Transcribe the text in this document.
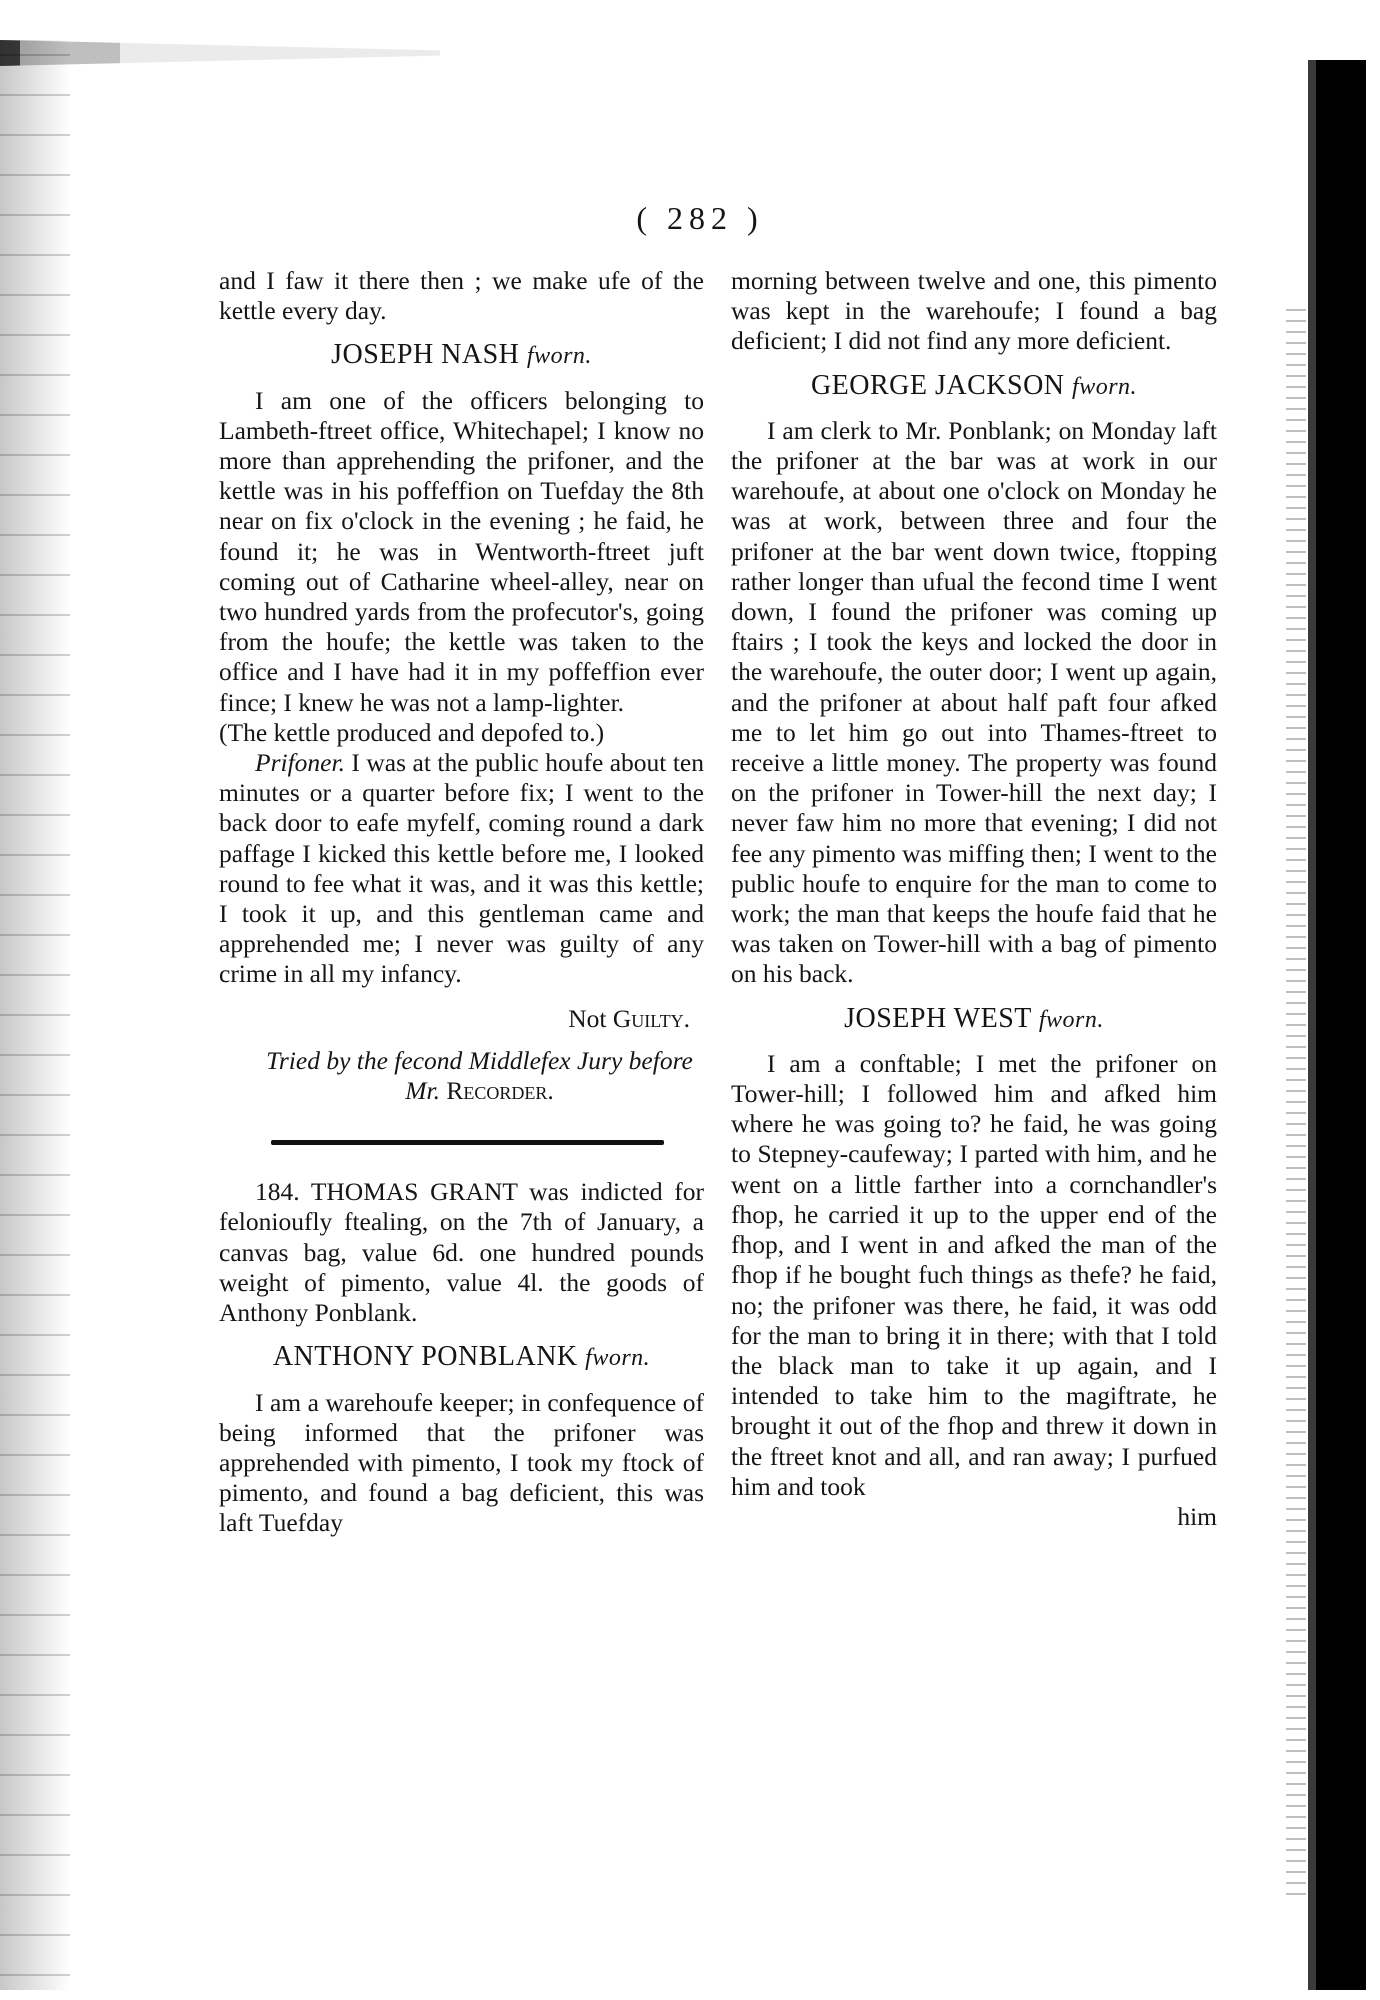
( 282 )

and I faw it there then ; we make ufe of the kettle every day.

JOSEPH NASH fworn.

I am one of the officers belonging to Lambeth-ftreet office, Whitechapel; I know no more than apprehending the prifoner, and the kettle was in his poffeffion on Tuefday the 8th near on fix o'clock in the evening ; he faid, he found it; he was in Wentworth-ftreet juft coming out of Catharine wheel-alley, near on two hundred yards from the profecutor's, going from the houfe; the kettle was taken to the office and I have had it in my poffeffion ever fince; I knew he was not a lamp-lighter.

(The kettle produced and depofed to.)

Prifoner. I was at the public houfe about ten minutes or a quarter before fix; I went to the back door to eafe myfelf, coming round a dark paffage I kicked this kettle before me, I looked round to fee what it was, and it was this kettle; I took it up, and this gentleman came and apprehended me; I never was guilty of any crime in all my infancy.

Not Guilty.

Tried by the fecond Middlefex Jury before

Mr. Recorder.

184. THOMAS GRANT was indicted for felonioufly ftealing, on the 7th of January, a canvas bag, value 6d. one hundred pounds weight of pimento, value 4l. the goods of Anthony Ponblank.

ANTHONY PONBLANK fworn.

I am a warehoufe keeper; in confequence of being informed that the prifoner was apprehended with pimento, I took my ftock of pimento, and found a bag deficient, this was laft Tuefday

morning between twelve and one, this pimento was kept in the warehoufe; I found a bag deficient; I did not find any more deficient.

GEORGE JACKSON fworn.

I am clerk to Mr. Ponblank; on Monday laft the prifoner at the bar was at work in our warehoufe, at about one o'clock on Monday he was at work, between three and four the prifoner at the bar went down twice, ftopping rather longer than ufual the fecond time I went down, I found the prifoner was coming up ftairs ; I took the keys and locked the door in the warehoufe, the outer door; I went up again, and the prifoner at about half paft four afked me to let him go out into Thames-ftreet to receive a little money. The property was found on the prifoner in Tower-hill the next day; I never faw him no more that evening; I did not fee any pimento was miffing then; I went to the public houfe to enquire for the man to come to work; the man that keeps the houfe faid that he was taken on Tower-hill with a bag of pimento on his back.

JOSEPH WEST fworn.

I am a conftable; I met the prifoner on Tower-hill; I followed him and afked him where he was going to? he faid, he was going to Stepney-caufeway; I parted with him, and he went on a little farther into a cornchandler's fhop, he carried it up to the upper end of the fhop, and I went in and afked the man of the fhop if he bought fuch things as thefe? he faid, no; the prifoner was there, he faid, it was odd for the man to bring it in there; with that I told the black man to take it up again, and I intended to take him to the magiftrate, he brought it out of the fhop and threw it down in the ftreet knot and all, and ran away; I purfued him and took

him
